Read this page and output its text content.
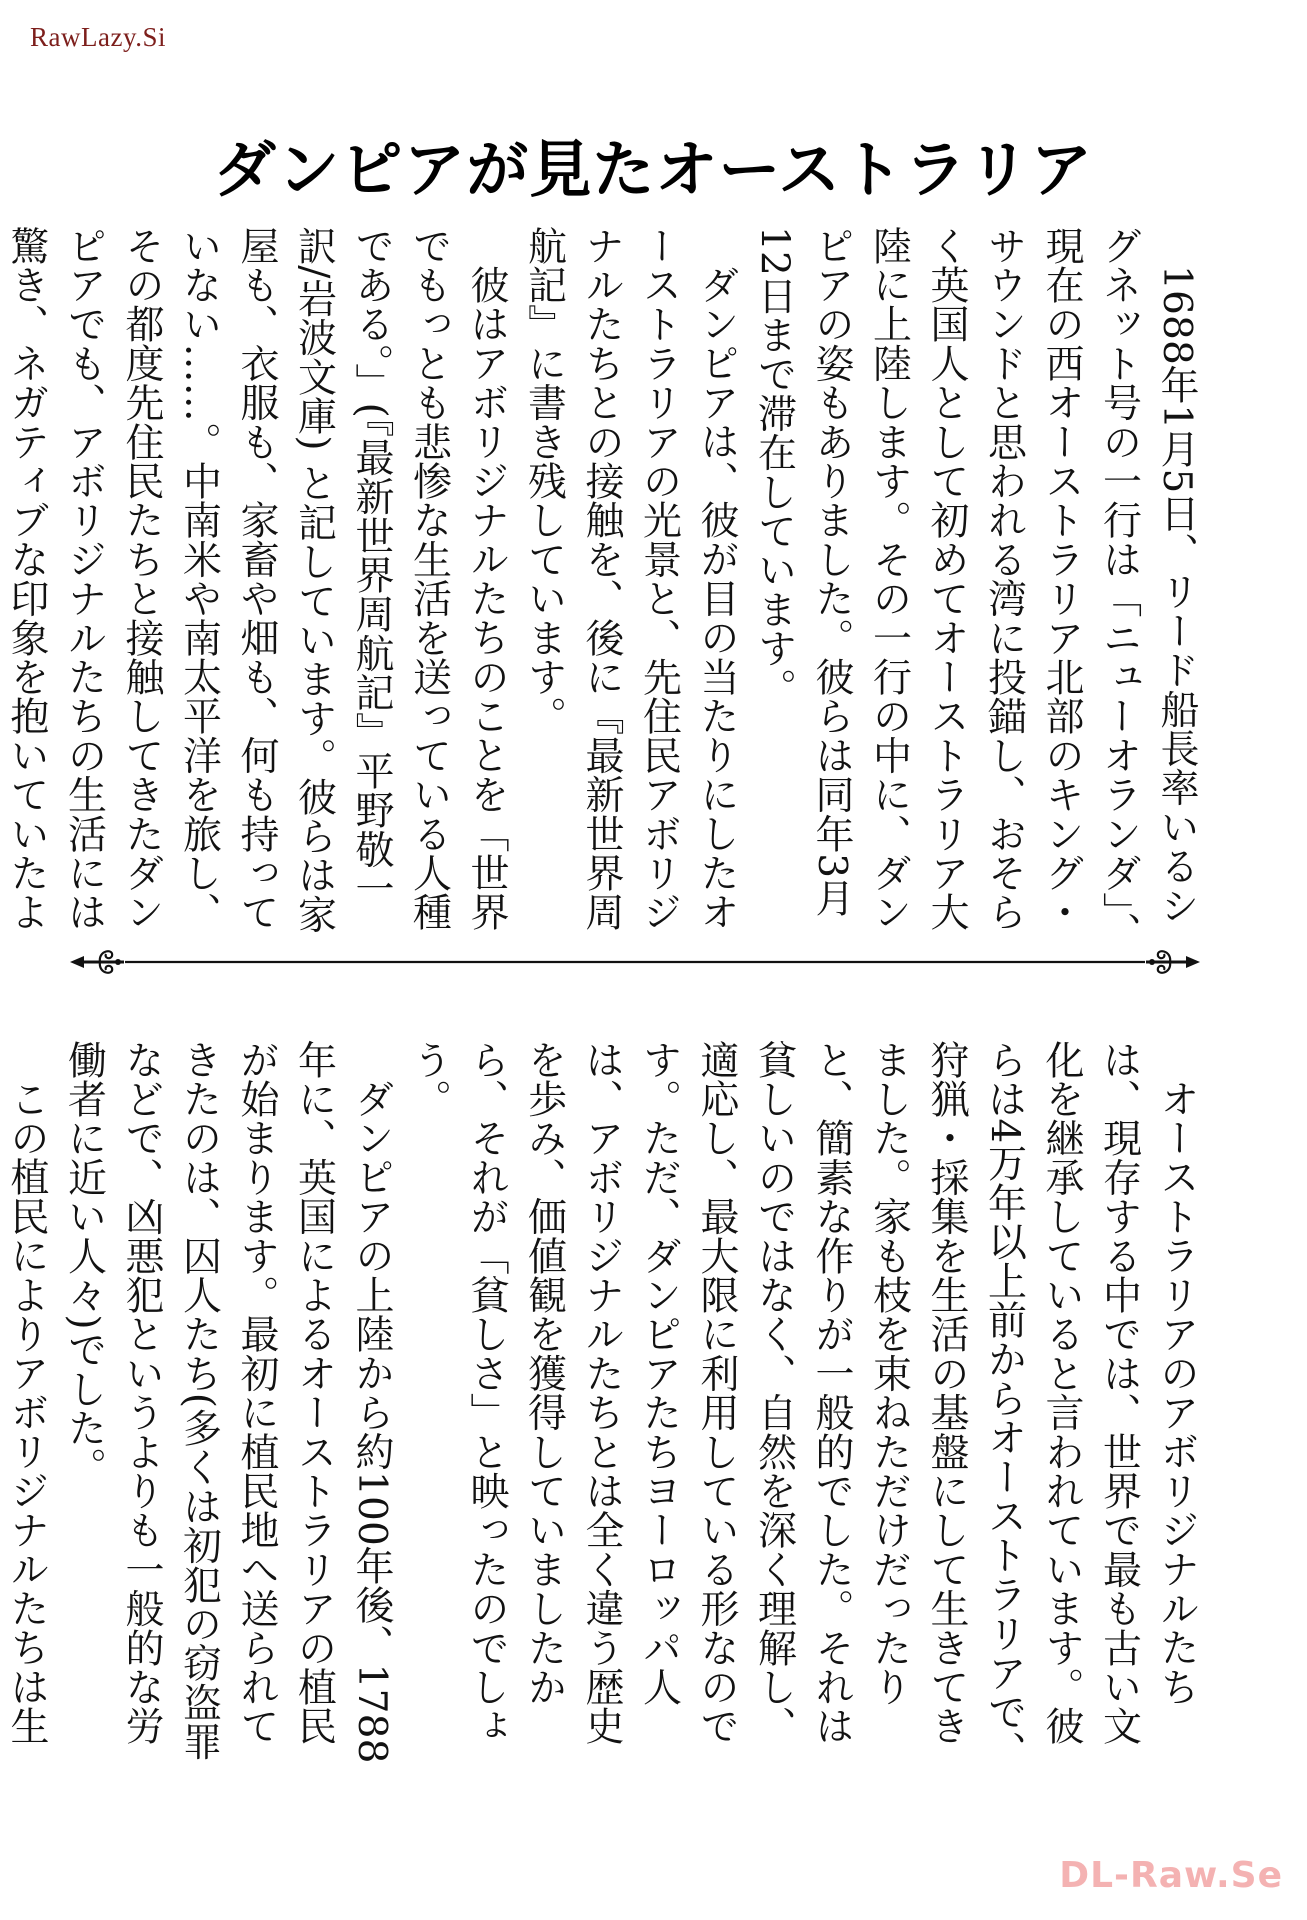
RawLazy.Si
ダンピアが見たオーストラリア

1688年1月5日、リード船長率いるシグネット号の一行は「ニューオランダ」、現在の西オーストラリア北部のキング・サウンドと思われる湾に投錨し、おそらく英国人として初めてオーストラリア大陸に上陸します。その一行の中に、ダンピアの姿もありました。彼らは同年3月12日まで滞在しています。

ダンピアは、彼が目の当たりにしたオーストラリアの光景と、先住民アボリジナルたちとの接触を、後に『最新世界周航記』に書き残しています。

彼はアボリジナルたちのことを「世界でもっとも悲惨な生活を送っている人種である。」(『最新世界周航記』平野敬一訳/岩波文庫) と記しています。彼らは家屋も、衣服も、家畜や畑も、何も持っていない……。中南米や南太平洋を旅し、その都度先住民たちと接触してきたダンピアでも、アボリジナルたちの生活には驚き、ネガティブな印象を抱いていたよ

オーストラリアのアボリジナルたちは、現存する中では、世界で最も古い文化を継承していると言われています。彼らは4万年以上前からオーストラリアで、狩猟・採集を生活の基盤にして生きてきました。家も枝を束ねただけだったりと、簡素な作りが一般的でした。それは貧しいのではなく、自然を深く理解し、適応し、最大限に利用している形なのです。ただ、ダンピアたちヨーロッパ人は、アボリジナルたちとは全く違う歴史を歩み、価値観を獲得していましたから、それが「貧しさ」と映ったのでしょう。

ダンピアの上陸から約100年後、1788年に、英国によるオーストラリアの植民が始まります。最初に植民地へ送られてきたのは、囚人たち(多くは初犯の窃盗罪などで、凶悪犯というよりも一般的な労働者に近い人々)でした。

この植民によりアボリジナルたちは生

DL-Raw.Se
